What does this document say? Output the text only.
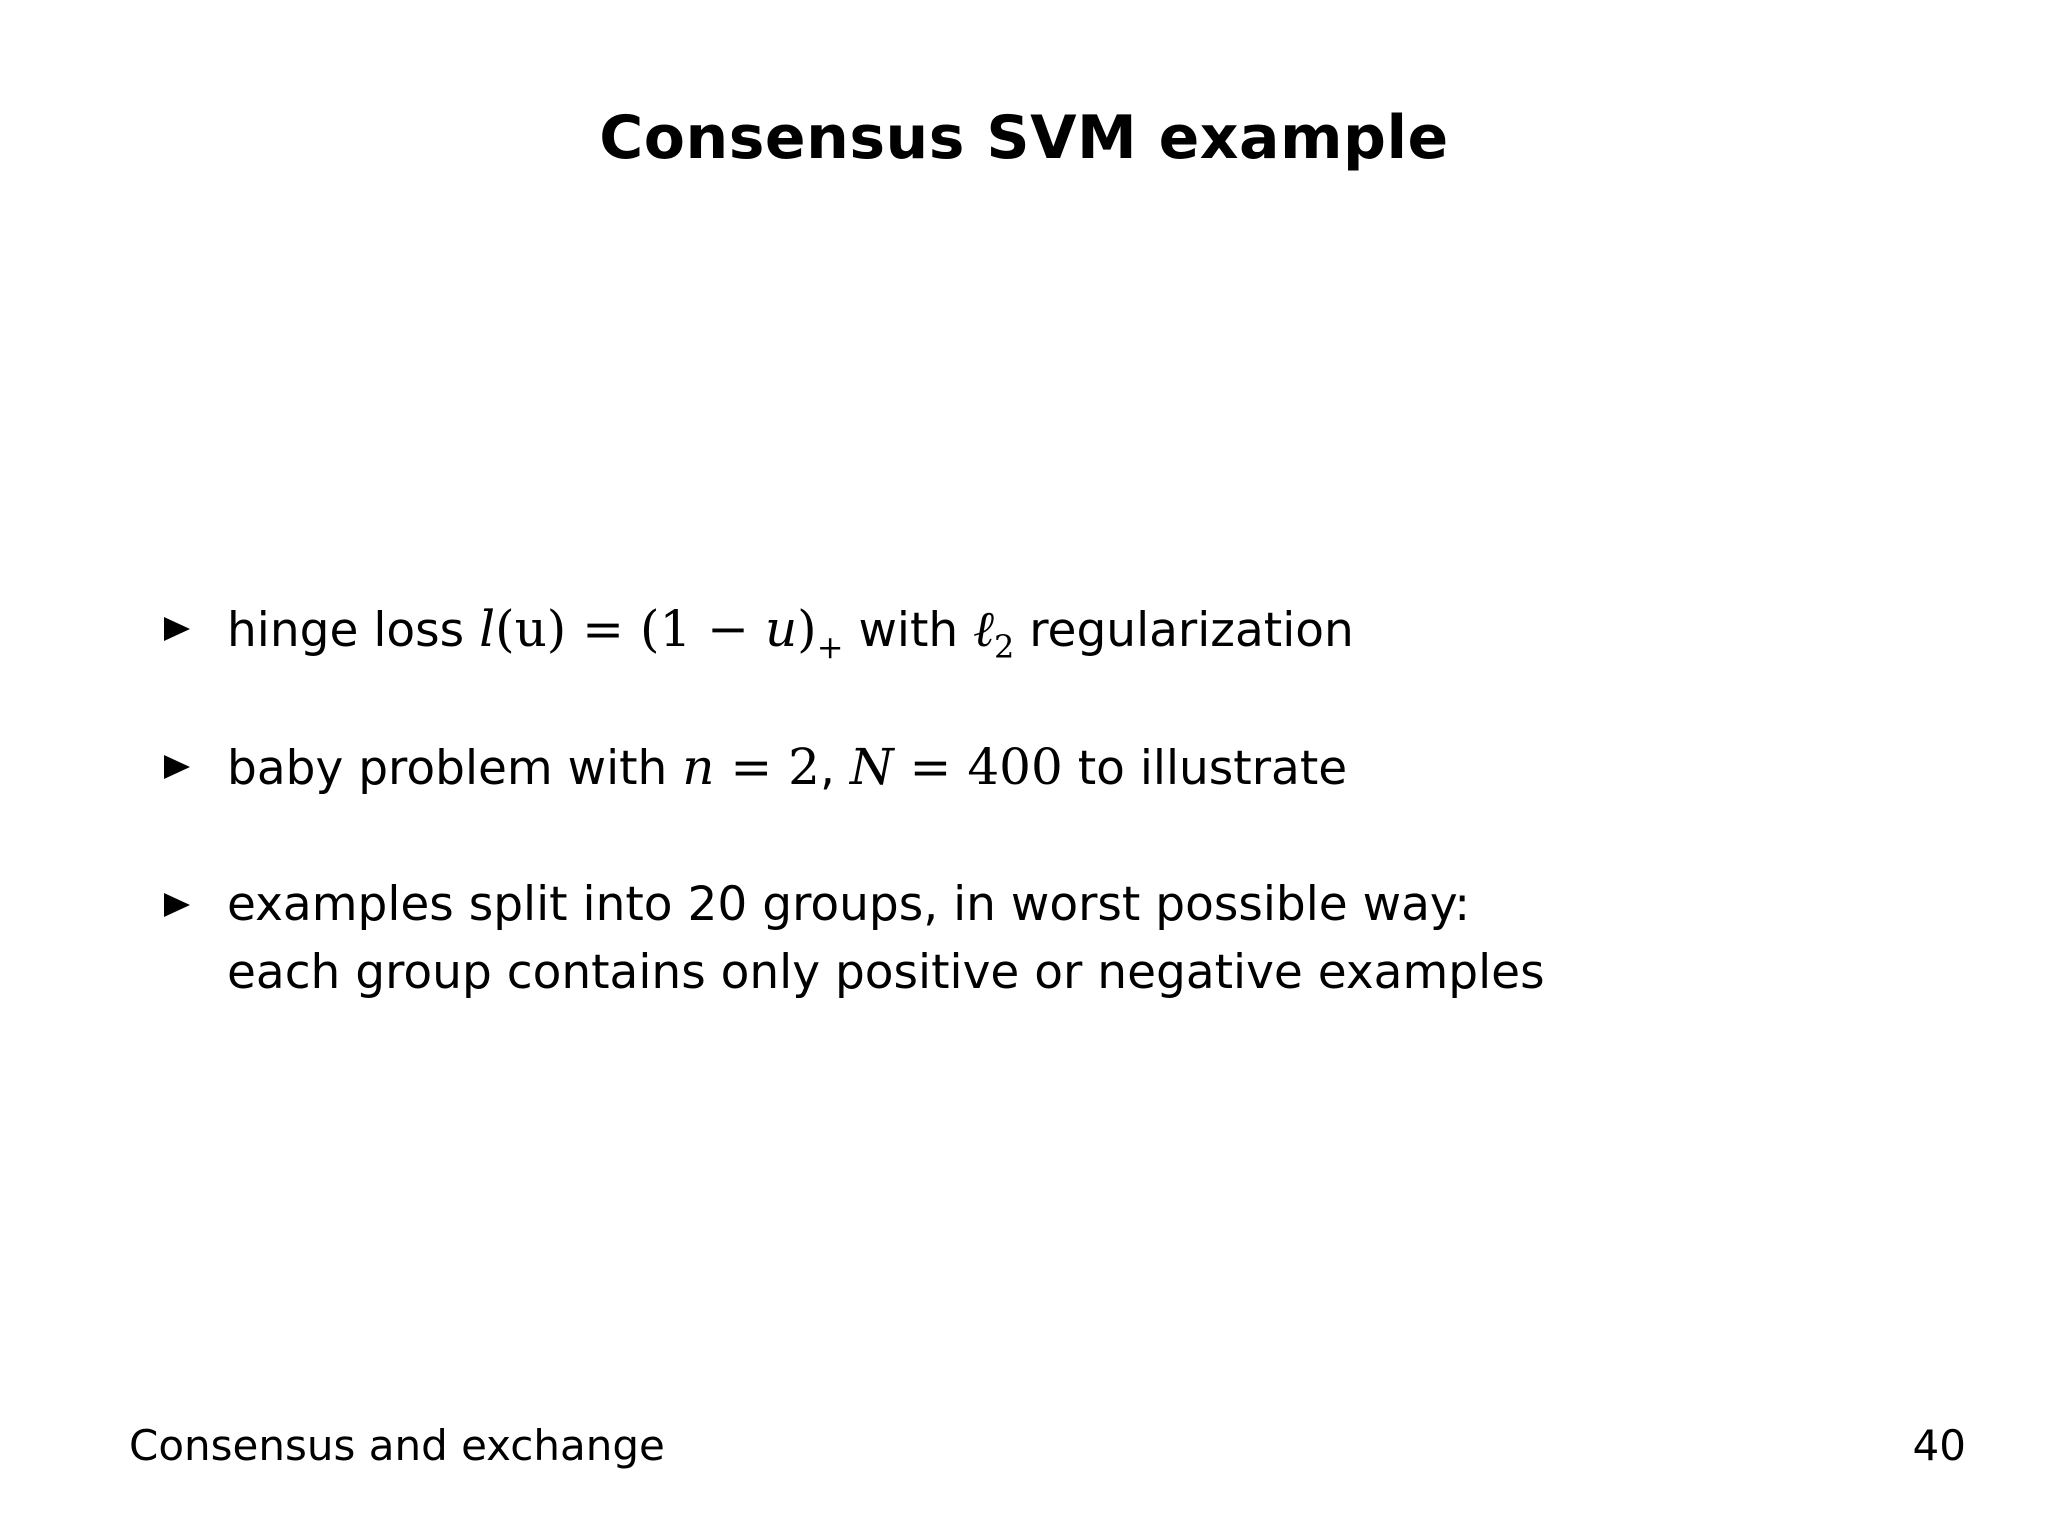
Consensus SVM example
hinge loss $l(u) = (1 - u)_+$ with ℓ$_2$ regularization
baby problem with n = 2, N = 400 to illustrate
examples split into 20 groups, in worst possible way:
each group contains only positive or negative examples
Consensus and exchange	40
